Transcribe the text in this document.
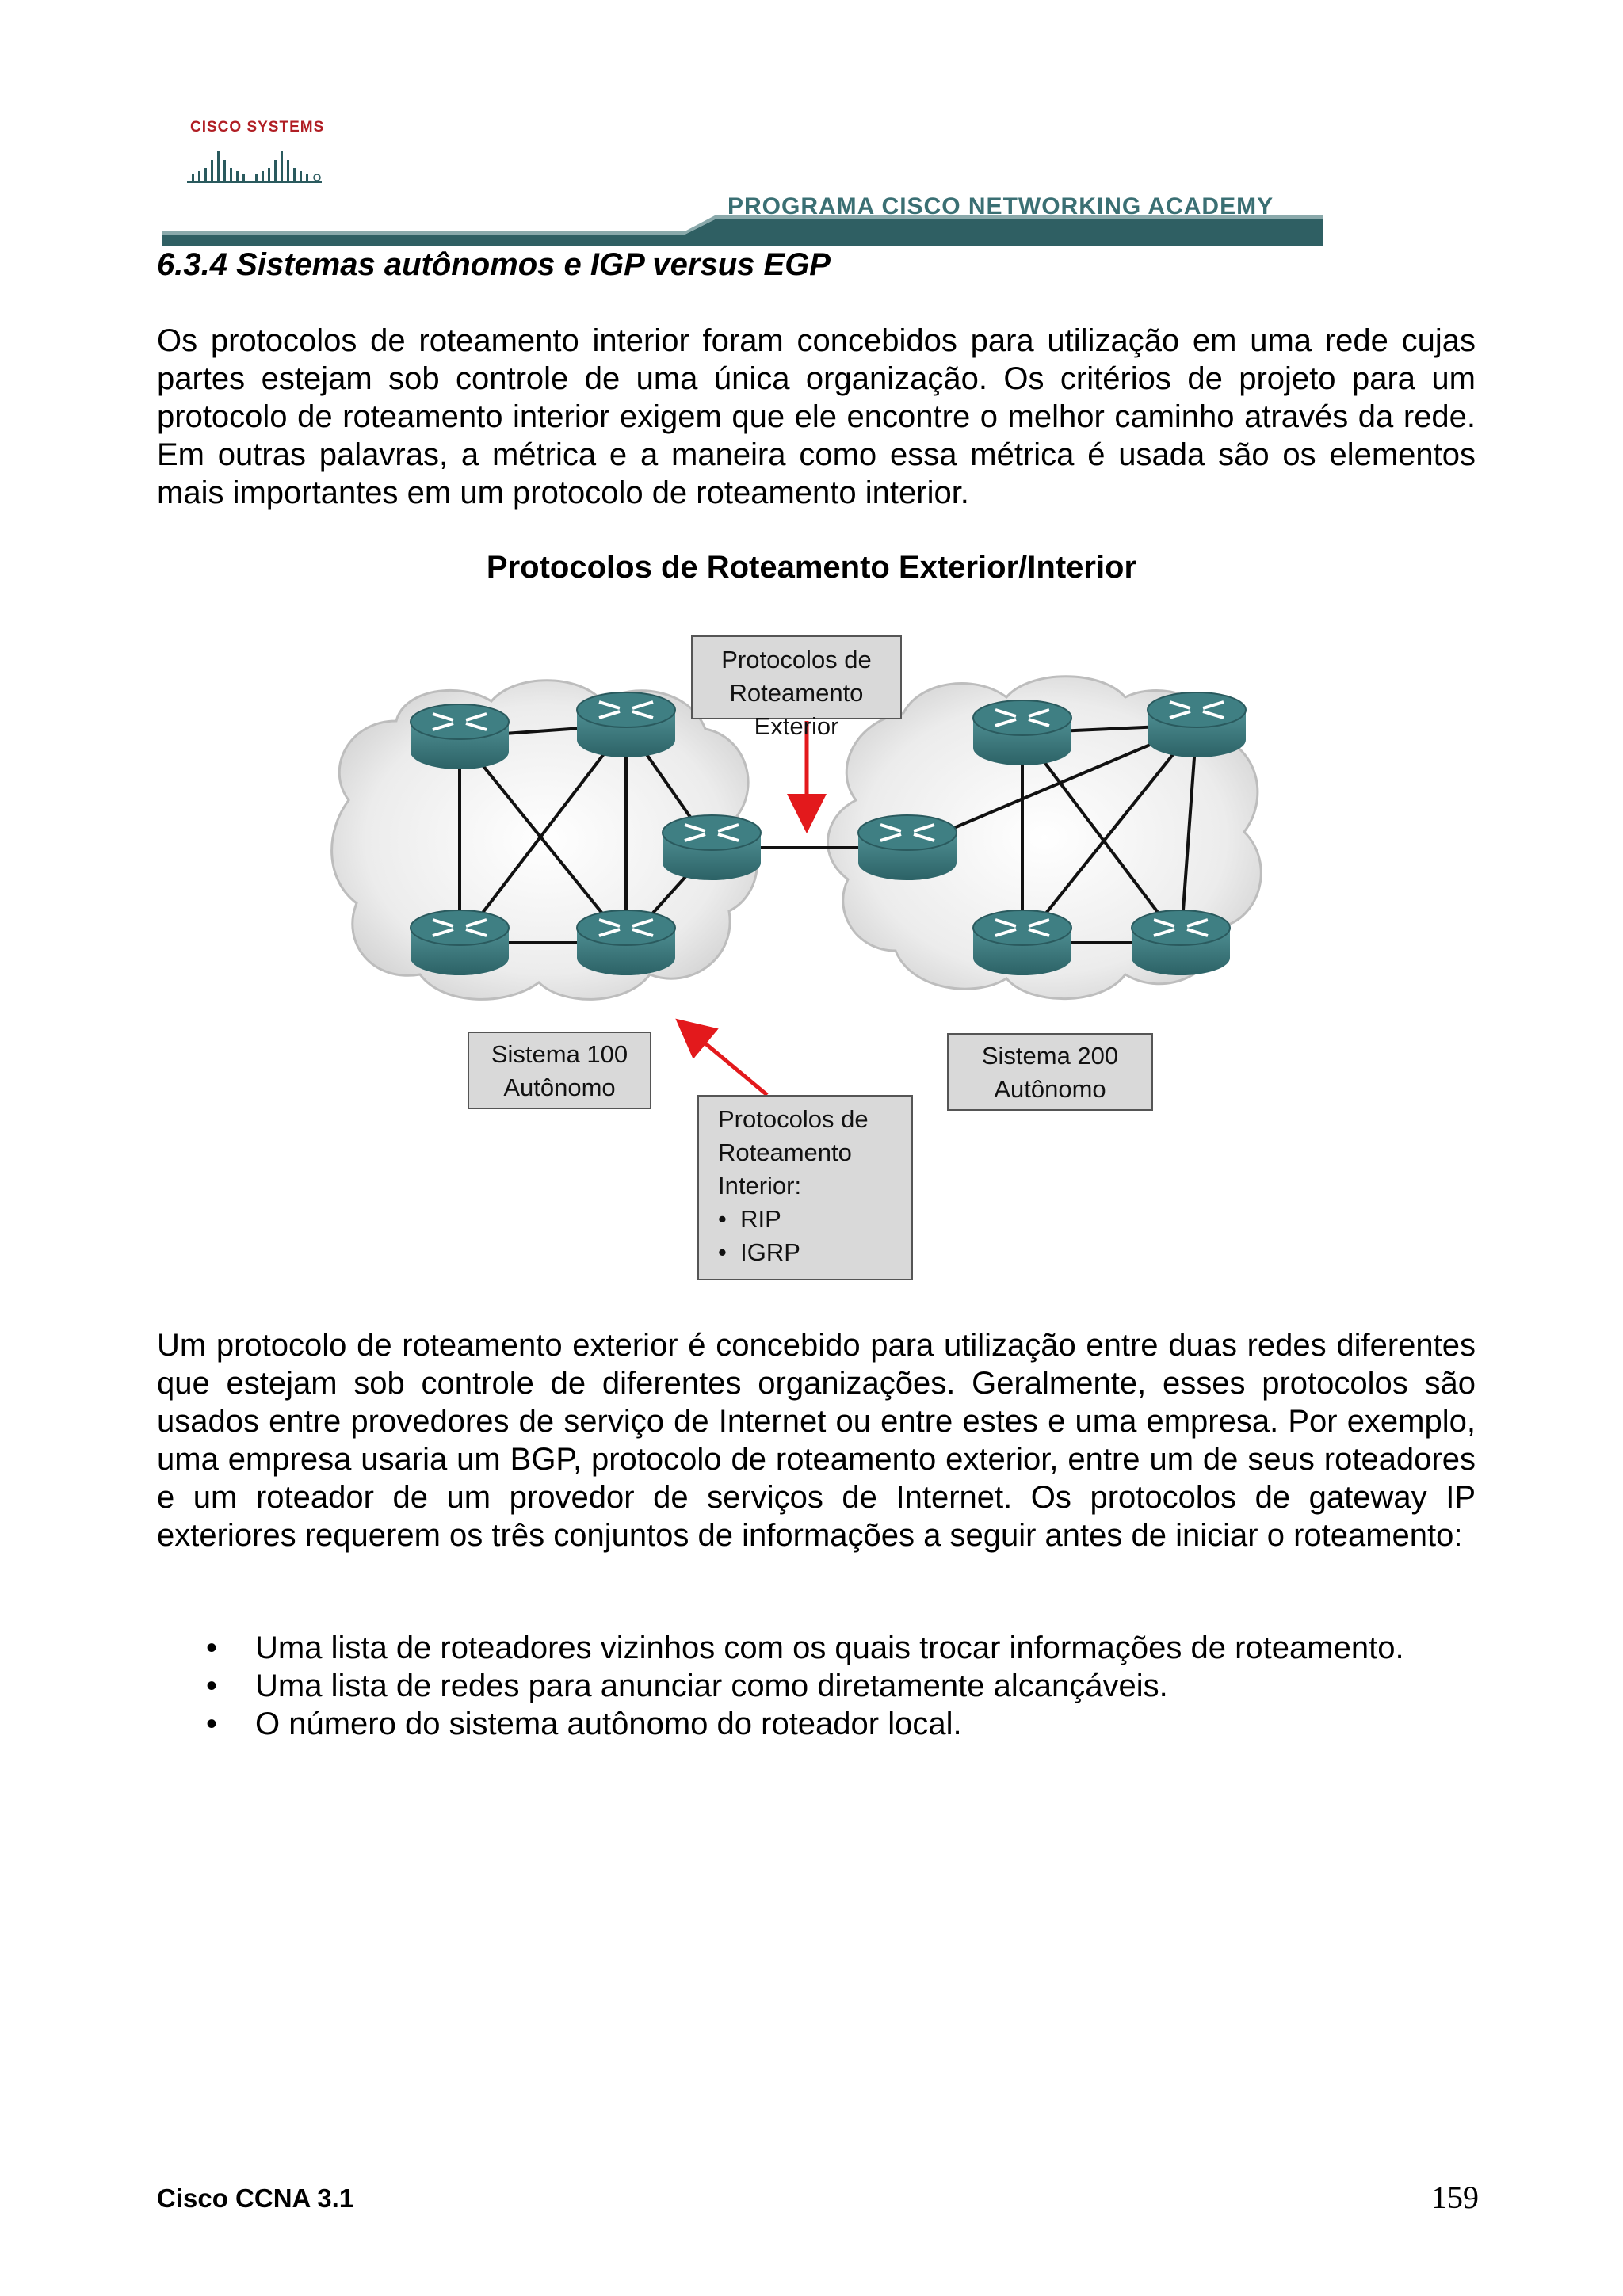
CISCO SYSTEMS
PROGRAMA CISCO NETWORKING ACADEMY
6.3.4 Sistemas autônomos e IGP versus EGP
Os protocolos de roteamento interior foram concebidos para utilização em uma rede cujas partes estejam sob controle de uma única organização. Os critérios de projeto para um protocolo de roteamento interior exigem que ele encontre o melhor caminho através da rede. Em outras palavras, a métrica e a maneira como essa métrica é usada são os elementos mais importantes em um protocolo de roteamento interior.
Protocolos de Roteamento Exterior/Interior
Protocolos de
Roteamento Exterior
Sistema 100
Autônomo
Sistema 200
Autônomo
Protocolos de
Roteamento
Interior:
• RIP
• IGRP
Um protocolo de roteamento exterior é concebido para utilização entre duas redes diferentes que estejam sob controle de diferentes organizações. Geralmente, esses protocolos são usados entre provedores de serviço de Internet ou entre estes e uma empresa. Por exemplo, uma empresa usaria um BGP, protocolo de roteamento exterior, entre um de seus roteadores e um roteador de um provedor de serviços de Internet. Os protocolos de gateway IP exteriores requerem os três conjuntos de informações a seguir antes de iniciar o roteamento:
• Uma lista de roteadores vizinhos com os quais trocar informações de roteamento.
• Uma lista de redes para anunciar como diretamente alcançáveis.
• O número do sistema autônomo do roteador local.
Cisco CCNA 3.1	159
